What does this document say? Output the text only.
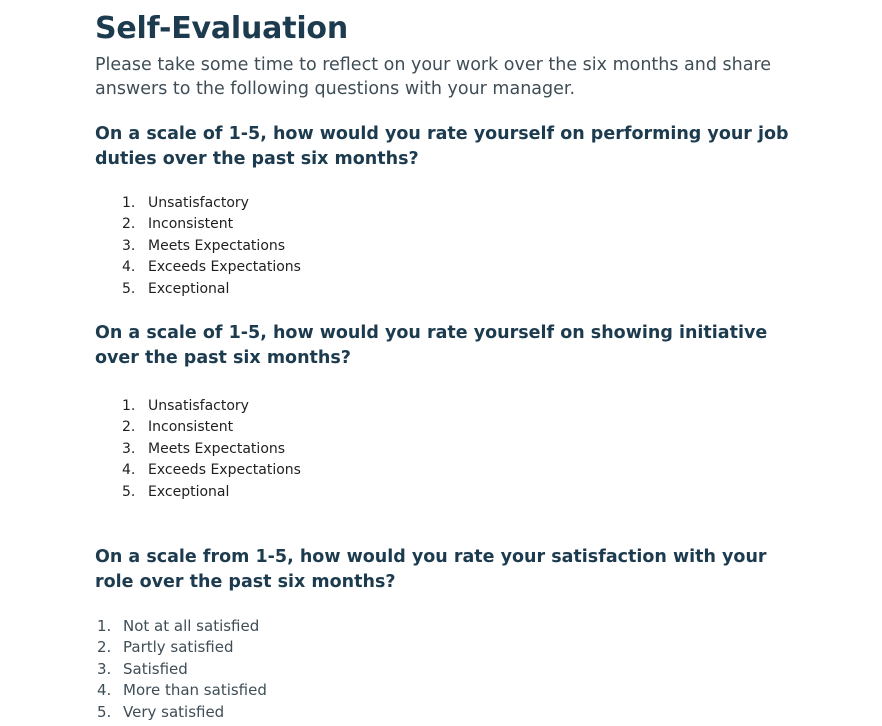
Self-Evaluation

Please take some time to reflect on your work over the six months and share answers to the following questions with your manager.

On a scale of 1-5, how would you rate yourself on performing your job duties over the past six months?

1. Unsatisfactory
2. Inconsistent
3. Meets Expectations
4. Exceeds Expectations
5. Exceptional

On a scale of 1-5, how would you rate yourself on showing initiative over the past six months?

1. Unsatisfactory
2. Inconsistent
3. Meets Expectations
4. Exceeds Expectations
5. Exceptional

On a scale from 1-5, how would you rate your satisfaction with your role over the past six months?

1. Not at all satisfied
2. Partly satisfied
3. Satisfied
4. More than satisfied
5. Very satisfied
